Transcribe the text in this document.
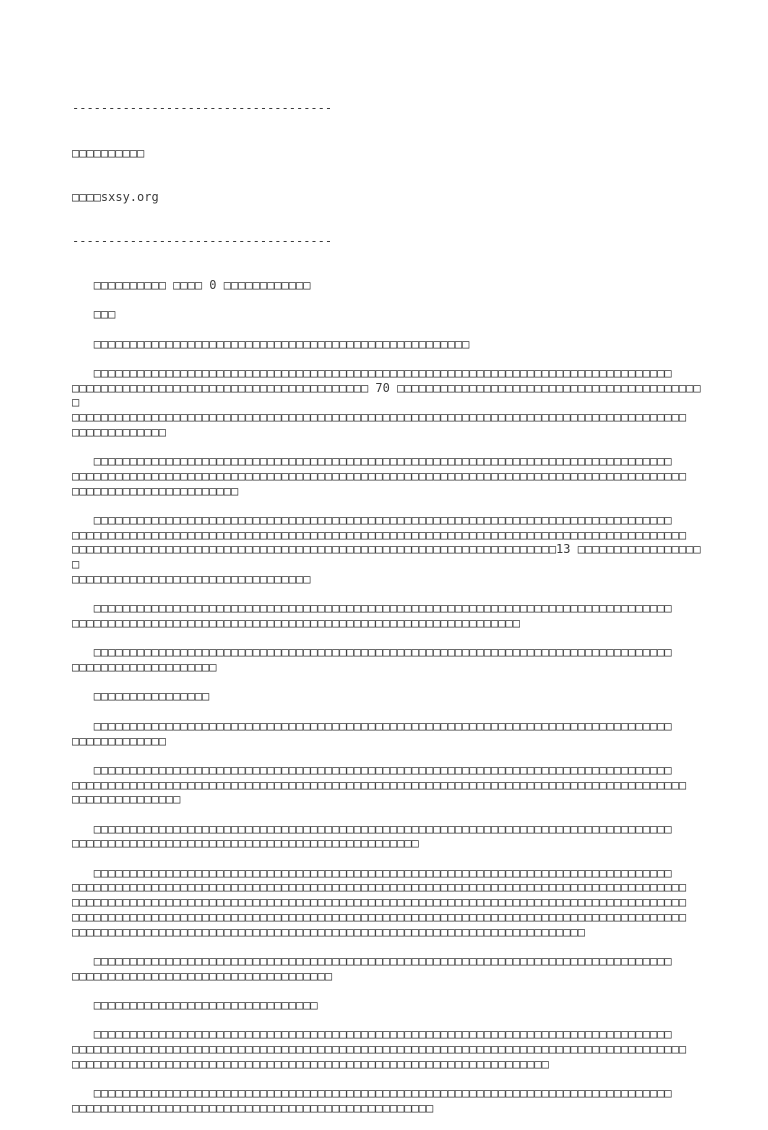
------------------------------------

□□□□□□□□□□

□□□□sxsy.org

------------------------------------

□□□□□□□□□□ □□□□ 0 □□□□□□□□□□□□
□□□
□□□□□□□□□□□□□□□□□□□□□□□□□□□□□□□□□□□□□□□□□□□□□□□□□□□□
□□□□□□□□□□□□□□□□□□□□□□□□□□□□□□□□□□□□□□□□□□□□□□□□□□□□□□□□□□□□□□□□□□□□□□□□□□□□□□□□
□□□□□□□□□□□□□□□□□□□□□□□□□□□□□□□□□□□□□□□□□ 70 □□□□□□□□□□□□□□□□□□□□□□□□□□□□□□□□□□□□□□□□□□□
□□□□□□□□□□□□□□□□□□□□□□□□□□□□□□□□□□□□□□□□□□□□□□□□□□□□□□□□□□□□□□□□□□□□□□□□□□□□□□□□□□□□□
□□□□□□□□□□□□□
□□□□□□□□□□□□□□□□□□□□□□□□□□□□□□□□□□□□□□□□□□□□□□□□□□□□□□□□□□□□□□□□□□□□□□□□□□□□□□□□
□□□□□□□□□□□□□□□□□□□□□□□□□□□□□□□□□□□□□□□□□□□□□□□□□□□□□□□□□□□□□□□□□□□□□□□□□□□□□□□□□□□□□
□□□□□□□□□□□□□□□□□□□□□□□
□□□□□□□□□□□□□□□□□□□□□□□□□□□□□□□□□□□□□□□□□□□□□□□□□□□□□□□□□□□□□□□□□□□□□□□□□□□□□□□□
□□□□□□□□□□□□□□□□□□□□□□□□□□□□□□□□□□□□□□□□□□□□□□□□□□□□□□□□□□□□□□□□□□□□□□□□□□□□□□□□□□□□□
□□□□□□□□□□□□□□□□□□□□□□□□□□□□□□□□□□□□□□□□□□□□□□□□□□□□□□□□□□□□□□□□□□□13 □□□□□□□□□□□□□□□□□□
□□□□□□□□□□□□□□□□□□□□□□□□□□□□□□□□□
□□□□□□□□□□□□□□□□□□□□□□□□□□□□□□□□□□□□□□□□□□□□□□□□□□□□□□□□□□□□□□□□□□□□□□□□□□□□□□□□
□□□□□□□□□□□□□□□□□□□□□□□□□□□□□□□□□□□□□□□□□□□□□□□□□□□□□□□□□□□□□□
□□□□□□□□□□□□□□□□□□□□□□□□□□□□□□□□□□□□□□□□□□□□□□□□□□□□□□□□□□□□□□□□□□□□□□□□□□□□□□□□
□□□□□□□□□□□□□□□□□□□□
□□□□□□□□□□□□□□□□
□□□□□□□□□□□□□□□□□□□□□□□□□□□□□□□□□□□□□□□□□□□□□□□□□□□□□□□□□□□□□□□□□□□□□□□□□□□□□□□□
□□□□□□□□□□□□□
□□□□□□□□□□□□□□□□□□□□□□□□□□□□□□□□□□□□□□□□□□□□□□□□□□□□□□□□□□□□□□□□□□□□□□□□□□□□□□□□
□□□□□□□□□□□□□□□□□□□□□□□□□□□□□□□□□□□□□□□□□□□□□□□□□□□□□□□□□□□□□□□□□□□□□□□□□□□□□□□□□□□□□
□□□□□□□□□□□□□□□
□□□□□□□□□□□□□□□□□□□□□□□□□□□□□□□□□□□□□□□□□□□□□□□□□□□□□□□□□□□□□□□□□□□□□□□□□□□□□□□□
□□□□□□□□□□□□□□□□□□□□□□□□□□□□□□□□□□□□□□□□□□□□□□□□
□□□□□□□□□□□□□□□□□□□□□□□□□□□□□□□□□□□□□□□□□□□□□□□□□□□□□□□□□□□□□□□□□□□□□□□□□□□□□□□□
□□□□□□□□□□□□□□□□□□□□□□□□□□□□□□□□□□□□□□□□□□□□□□□□□□□□□□□□□□□□□□□□□□□□□□□□□□□□□□□□□□□□□
□□□□□□□□□□□□□□□□□□□□□□□□□□□□□□□□□□□□□□□□□□□□□□□□□□□□□□□□□□□□□□□□□□□□□□□□□□□□□□□□□□□□□
□□□□□□□□□□□□□□□□□□□□□□□□□□□□□□□□□□□□□□□□□□□□□□□□□□□□□□□□□□□□□□□□□□□□□□□□□□□□□□□□□□□□□
□□□□□□□□□□□□□□□□□□□□□□□□□□□□□□□□□□□□□□□□□□□□□□□□□□□□□□□□□□□□□□□□□□□□□□□
□□□□□□□□□□□□□□□□□□□□□□□□□□□□□□□□□□□□□□□□□□□□□□□□□□□□□□□□□□□□□□□□□□□□□□□□□□□□□□□□
□□□□□□□□□□□□□□□□□□□□□□□□□□□□□□□□□□□□
□□□□□□□□□□□□□□□□□□□□□□□□□□□□□□□
□□□□□□□□□□□□□□□□□□□□□□□□□□□□□□□□□□□□□□□□□□□□□□□□□□□□□□□□□□□□□□□□□□□□□□□□□□□□□□□□
□□□□□□□□□□□□□□□□□□□□□□□□□□□□□□□□□□□□□□□□□□□□□□□□□□□□□□□□□□□□□□□□□□□□□□□□□□□□□□□□□□□□□
□□□□□□□□□□□□□□□□□□□□□□□□□□□□□□□□□□□□□□□□□□□□□□□□□□□□□□□□□□□□□□□□□□
□□□□□□□□□□□□□□□□□□□□□□□□□□□□□□□□□□□□□□□□□□□□□□□□□□□□□□□□□□□□□□□□□□□□□□□□□□□□□□□□
□□□□□□□□□□□□□□□□□□□□□□□□□□□□□□□□□□□□□□□□□□□□□□□□□□
